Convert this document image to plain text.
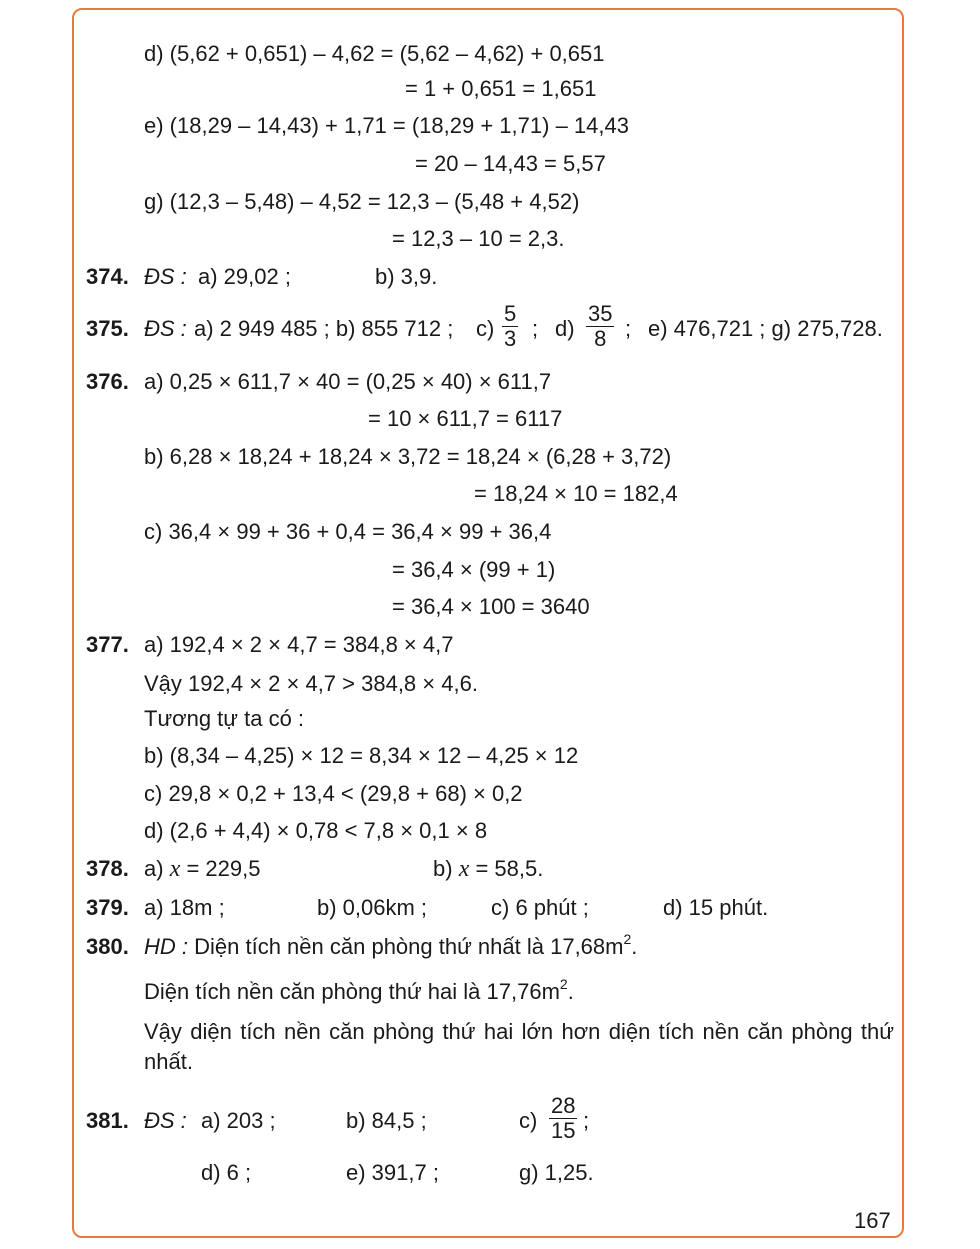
d) (5,62 + 0,651) – 4,62 = (5,62 – 4,62) + 0,651
= 1 + 0,651 = 1,651
e) (18,29 – 14,43) + 1,71 = (18,29 + 1,71) – 14,43
= 20 – 14,43 = 5,57
g) (12,3 – 5,48) – 4,52 = 12,3 – (5,48 + 4,52)
= 12,3 – 10 = 2,3.
374. ĐS : a) 29,02 ;	b) 3,9.
375. ĐS : a) 2 949 485 ; b) 855 712 ; $c) \frac{5}{3}$ ; $d) \frac{35}{8}$ ; e) 476,721 ; g) 275,728.
376. a) 0,25 × 611,7 × 40 = (0,25 × 40) × 611,7
= 10 × 611,7 = 6117
b) 6,28 × 18,24 + 18,24 × 3,72 = 18,24 × (6,28 + 3,72)
= 18,24 × 10 = 182,4
c) 36,4 × 99 + 36 + 0,4 = 36,4 × 99 + 36,4
= 36,4 × (99 + 1)
= 36,4 × 100 = 3640
377. a) 192,4 × 2 × 4,7 = 384,8 × 4,7
Vậy 192,4 × 2 × 4,7 > 384,8 × 4,6.
Tương tự ta có :
b) (8,34 – 4,25) × 12 = 8,34 × 12 – 4,25 × 12
c) 29,8 × 0,2 + 13,4 < (29,8 + 68) × 0,2
d) (2,6 + 4,4) × 0,78 < 7,8 × 0,1 × 8
378. a) x = 229,5	b) x = 58,5.
379. a) 18m ;	b) 0,06km ;	c) 6 phút ;	d) 15 phút.
380. HD : Diện tích nền căn phòng thứ nhất là $17,68m^2$.
Diện tích nền căn phòng thứ hai là $17,76m^2$.
Vậy diện tích nền căn phòng thứ hai lớn hơn diện tích nền căn phòng thứ nhất.
381. ĐS : a) 203 ;	b) 84,5 ;	$c) \frac{28}{15}$ ;
d) 6 ;	e) 391,7 ;	g) 1,25.
167
